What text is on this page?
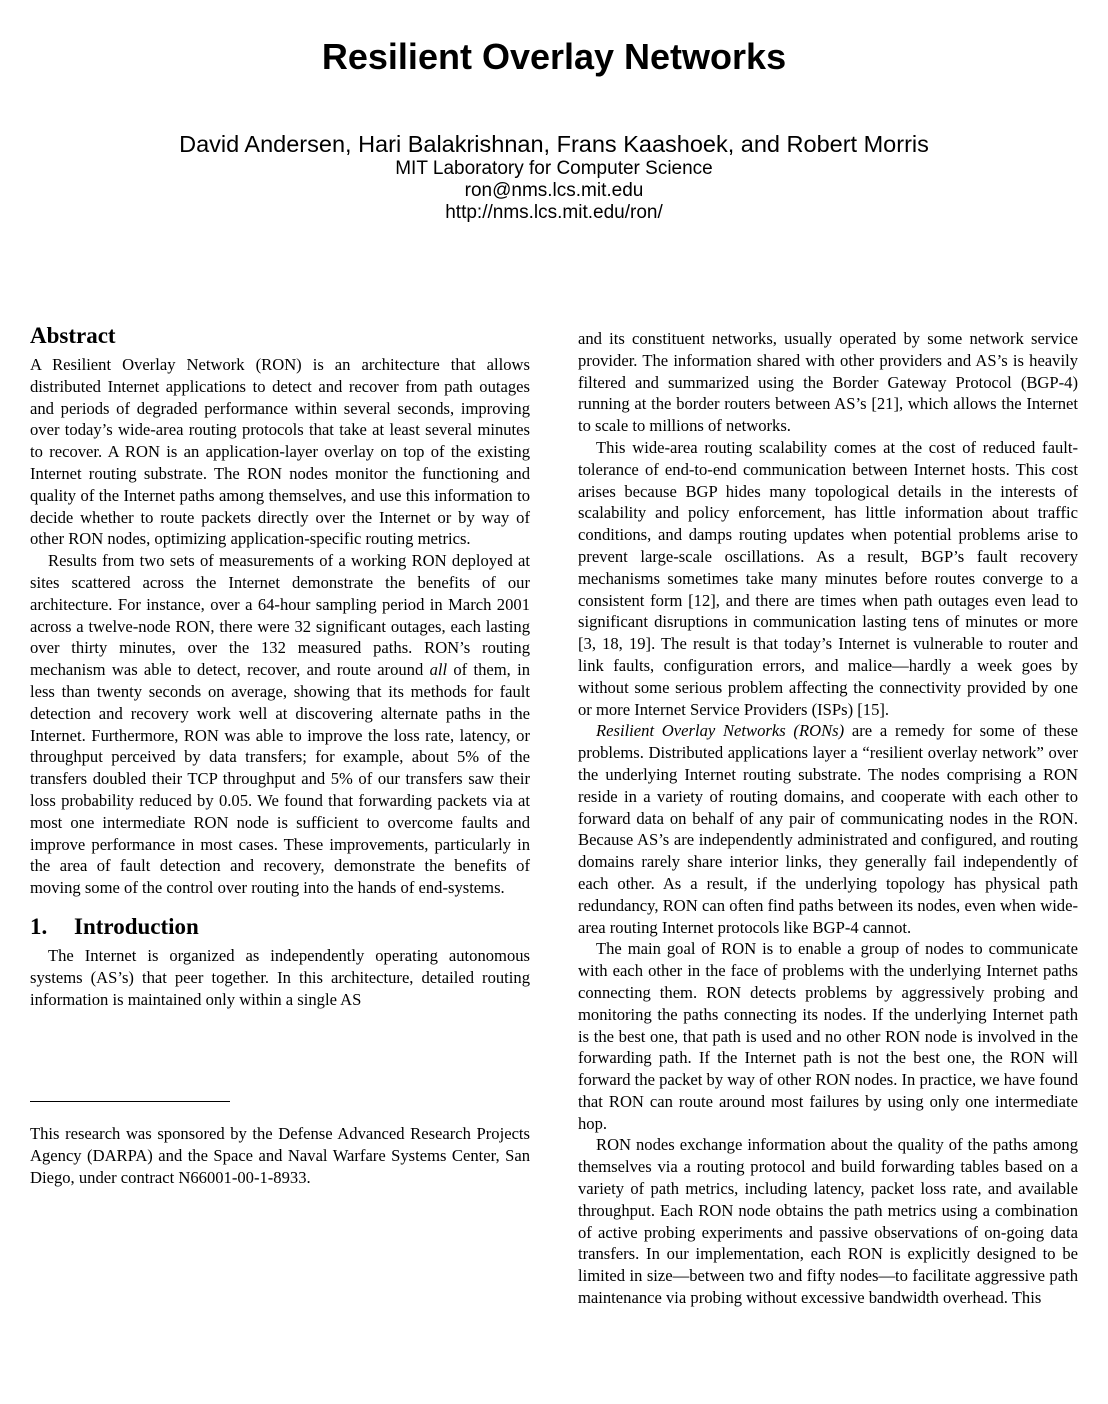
Resilient Overlay Networks
David Andersen, Hari Balakrishnan, Frans Kaashoek, and Robert Morris
MIT Laboratory for Computer Science
ron@nms.lcs.mit.edu
http://nms.lcs.mit.edu/ron/
Abstract

A Resilient Overlay Network (RON) is an architecture that allows distributed Internet applications to detect and recover from path outages and periods of degraded performance within several seconds, improving over today’s wide-area routing protocols that take at least several minutes to recover. A RON is an application-layer overlay on top of the existing Internet routing substrate. The RON nodes monitor the functioning and quality of the Internet paths among themselves, and use this information to decide whether to route packets directly over the Internet or by way of other RON nodes, optimizing application-specific routing metrics.

Results from two sets of measurements of a working RON deployed at sites scattered across the Internet demonstrate the benefits of our architecture. For instance, over a 64-hour sampling period in March 2001 across a twelve-node RON, there were 32 significant outages, each lasting over thirty minutes, over the 132 measured paths. RON’s routing mechanism was able to detect, recover, and route around all of them, in less than twenty seconds on average, showing that its methods for fault detection and recovery work well at discovering alternate paths in the Internet. Furthermore, RON was able to improve the loss rate, latency, or throughput perceived by data transfers; for example, about 5% of the transfers doubled their TCP throughput and 5% of our transfers saw their loss probability reduced by 0.05. We found that forwarding packets via at most one intermediate RON node is sufficient to overcome faults and improve performance in most cases. These improvements, particularly in the area of fault detection and recovery, demonstrate the benefits of moving some of the control over routing into the hands of end-systems.

1. Introduction

The Internet is organized as independently operating autonomous systems (AS’s) that peer together. In this architecture, detailed routing information is maintained only within a single AS

This research was sponsored by the Defense Advanced Research Projects Agency (DARPA) and the Space and Naval Warfare Systems Center, San Diego, under contract N66001-00-1-8933.

and its constituent networks, usually operated by some network service provider. The information shared with other providers and AS’s is heavily filtered and summarized using the Border Gateway Protocol (BGP-4) running at the border routers between AS’s [21], which allows the Internet to scale to millions of networks.

This wide-area routing scalability comes at the cost of reduced fault-tolerance of end-to-end communication between Internet hosts. This cost arises because BGP hides many topological details in the interests of scalability and policy enforcement, has little information about traffic conditions, and damps routing updates when potential problems arise to prevent large-scale oscillations. As a result, BGP’s fault recovery mechanisms sometimes take many minutes before routes converge to a consistent form [12], and there are times when path outages even lead to significant disruptions in communication lasting tens of minutes or more [3, 18, 19]. The result is that today’s Internet is vulnerable to router and link faults, configuration errors, and malice—hardly a week goes by without some serious problem affecting the connectivity provided by one or more Internet Service Providers (ISPs) [15].

Resilient Overlay Networks (RONs) are a remedy for some of these problems. Distributed applications layer a “resilient overlay network” over the underlying Internet routing substrate. The nodes comprising a RON reside in a variety of routing domains, and cooperate with each other to forward data on behalf of any pair of communicating nodes in the RON. Because AS’s are independently administrated and configured, and routing domains rarely share interior links, they generally fail independently of each other. As a result, if the underlying topology has physical path redundancy, RON can often find paths between its nodes, even when wide-area routing Internet protocols like BGP-4 cannot.

The main goal of RON is to enable a group of nodes to communicate with each other in the face of problems with the underlying Internet paths connecting them. RON detects problems by aggressively probing and monitoring the paths connecting its nodes. If the underlying Internet path is the best one, that path is used and no other RON node is involved in the forwarding path. If the Internet path is not the best one, the RON will forward the packet by way of other RON nodes. In practice, we have found that RON can route around most failures by using only one intermediate hop.

RON nodes exchange information about the quality of the paths among themselves via a routing protocol and build forwarding tables based on a variety of path metrics, including latency, packet loss rate, and available throughput. Each RON node obtains the path metrics using a combination of active probing experiments and passive observations of on-going data transfers. In our implementation, each RON is explicitly designed to be limited in size—between two and fifty nodes—to facilitate aggressive path maintenance via probing without excessive bandwidth overhead. This
